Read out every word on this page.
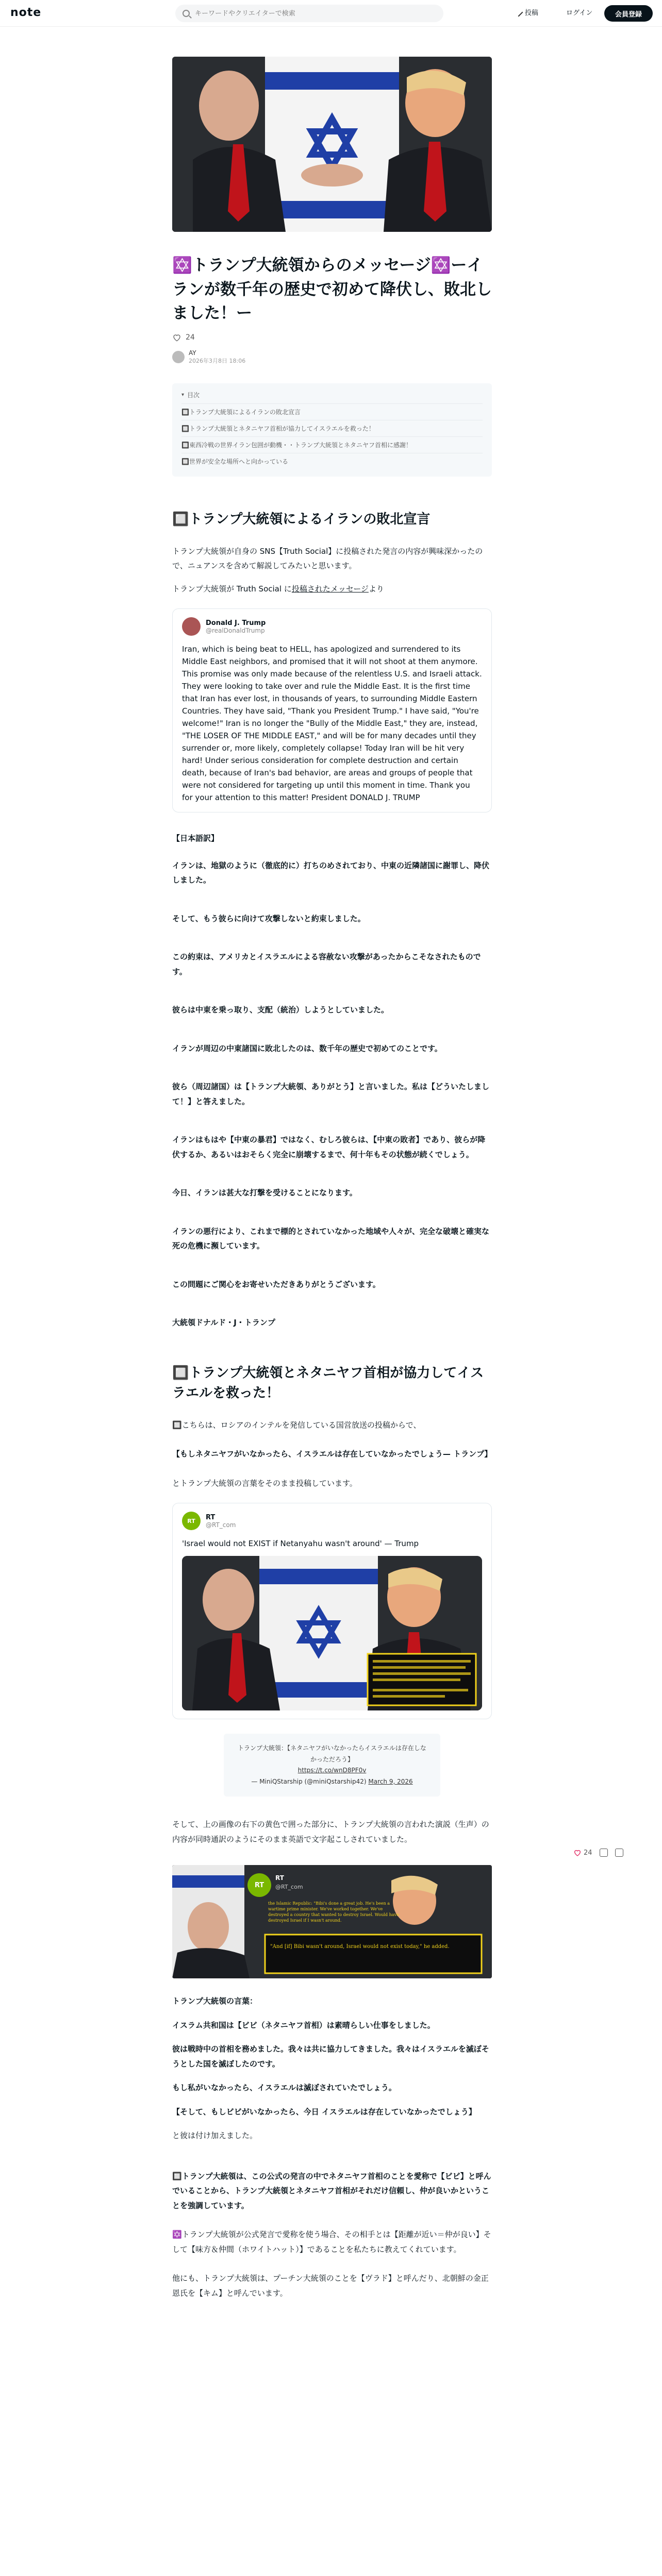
note
キーワードやクリエイターで検索	投稿	ログイン	会員登録
✡️トランプ大統領からのメッセージ✡️ーイランが数千年の歴史で初めて降伏し、敗北しました！ー
24
AY
2026年3月8日 18:06
▾ 目次
🔲トランプ大統領によるイランの敗北宣言
🔲トランプ大統領とネタニヤフ首相が協力してイスラエルを救った！
🔲東西冷戦の世界イラン包囲が動機・・トランプ大統領とネタニヤフ首相に感謝！
🔲世界が安全な場所へと向かっている
🔲トランプ大統領によるイランの敗北宣言

トランプ大統領が自身の SNS【Truth Social】に投稿された発言の内容が興味深かったので、ニュアンスを含めて解説してみたいと思います。

トランプ大統領が Truth Social に投稿されたメッセージより

Donald J. Trump
@realDonaldTrump
Iran, which is being beat to HELL, has apologized and surrendered to its Middle East neighbors, and promised that it will not shoot at them anymore. This promise was only made because of the relentless U.S. and Israeli attack. They were looking to take over and rule the Middle East. It is the first time that Iran has ever lost, in thousands of years, to surrounding Middle Eastern Countries. They have said, "Thank you President Trump." I have said, "You're welcome!" Iran is no longer the "Bully of the Middle East," they are, instead, "THE LOSER OF THE MIDDLE EAST," and will be for many decades until they surrender or, more likely, completely collapse! Today Iran will be hit very hard! Under serious consideration for complete destruction and certain death, because of Iran's bad behavior, are areas and groups of people that were not considered for targeting up until this moment in time. Thank you for your attention to this matter! President DONALD J. TRUMP

【日本語訳】

イランは、地獄のように（徹底的に）打ちのめされており、中東の近隣諸国に謝罪し、降伏しました。

そして、もう彼らに向けて攻撃しないと約束しました。

この約束は、アメリカとイスラエルによる容赦ない攻撃があったからこそなされたものです。

彼らは中東を乗っ取り、支配（統治）しようとしていました。

イランが周辺の中東諸国に敗北したのは、数千年の歴史で初めてのことです。

彼ら（周辺諸国）は【トランプ大統領、ありがとう】と言いました。私は【どういたしまして！】と答えました。

イランはもはや【中東の暴君】ではなく、むしろ彼らは、【中東の敗者】であり、彼らが降伏するか、あるいはおそらく完全に崩壊するまで、何十年もその状態が続くでしょう。

今日、イランは甚大な打撃を受けることになります。

イランの悪行により、これまで標的とされていなかった地域や人々が、完全な破壊と確実な死の危機に瀕しています。

この問題にご関心をお寄せいただきありがとうございます。

大統領ドナルド・J・トランプ

🔲トランプ大統領とネタニヤフ首相が協力してイスラエルを救った！

🔲こちらは、ロシアのインテルを発信している国営放送の投稿からで、

【もしネタニヤフがいなかったら、イスラエルは存在していなかったでしょう— トランプ】

とトランプ大統領の言葉をそのまま投稿しています。

RT	RT
@RT_com
'Israel would not EXIST if Netanyahu wasn't around' — Trump
トランプ大統領：【ネタニヤフがいなかったらイスラエルは存在しなかっただろう】
https://t.co/wnD8PF0v
— MiniQStarship (@miniQstarship42) March 9, 2026

そして、上の画像の右下の黄色で囲った部分に、トランプ大統領の言われた演説（生声）の内容が同時通訳のようにそのまま英語で文字起こしされていました。

RT
RT
@RT_com
the Islamic Republic: "Bibi's done a great job. He's been a wartime prime minister. We've worked together. We've destroyed a country that wanted to destroy Israel. Would have destroyed Israel if I wasn't around.
"And [if] Bibi wasn't around, Israel would not exist today," he added.

トランプ大統領の言葉：

イスラム共和国は【ビビ（ネタニヤフ首相）は素晴らしい仕事をしました。

彼は戦時中の首相を務めました。我々は共に協力してきました。我々はイスラエルを滅ぼそうとした国を滅ぼしたのです。

もし私がいなかったら、イスラエルは滅ぼされていたでしょう。

【そして、もしビビがいなかったら、今日 イスラエルは存在していなかったでしょう】

と彼は付け加えました。

🔲トランプ大統領は、この公式の発言の中でネタニヤフ首相のことを愛称で【ビビ】と呼んでいることから、トランプ大統領とネタニヤフ首相がそれだけ信頼し、仲が良いかということを強調しています。

✡️トランプ大統領が公式発言で愛称を使う場合、その相手とは【距離が近い＝仲が良い】そして【味方＆仲間（ホワイトハット）】であることを私たちに教えてくれています。

他にも、トランプ大統領は、プーチン大統領のことを【ヴラド】と呼んだり、北朝鮮の金正恩氏を【キム】と呼んでいます。

24
